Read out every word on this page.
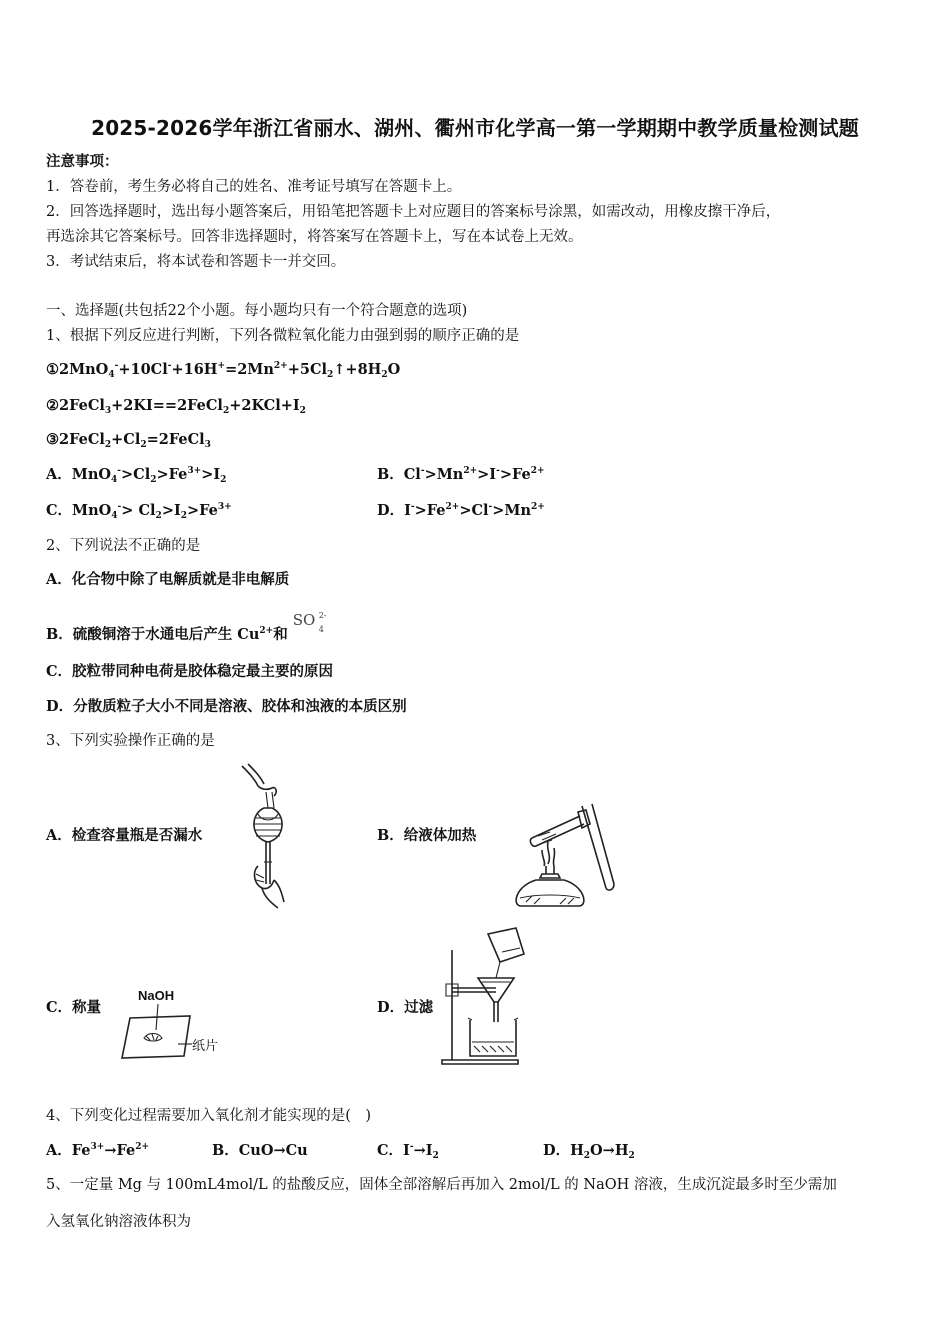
2025-2026学年浙江省丽水、湖州、衢州市化学高一第一学期期中教学质量检测试题
注意事项：
1．答卷前，考生务必将自己的姓名、准考证号填写在答题卡上。
2．回答选择题时，选出每小题答案后，用铅笔把答题卡上对应题目的答案标号涂黑，如需改动，用橡皮擦干净后，
再选涂其它答案标号。回答非选择题时，将答案写在答题卡上，写在本试卷上无效。
3．考试结束后，将本试卷和答题卡一并交回。
一、选择题(共包括22个小题。每小题均只有一个符合题意的选项)
1、根据下列反应进行判断，下列各微粒氧化能力由强到弱的顺序正确的是
$①2MnO_4^-+10Cl^-+16H^+=2Mn^{2+}+5Cl_2↑+8H_2O$
$②2FeCl_3+2KI==2FeCl_2+2KCl+I_2$
$③2FeCl_2+Cl_2=2FeCl_3$
A．$MnO_4^->Cl_2>Fe^{3+}>I_2$	B．$Cl^->Mn^{2+}>I^->Fe^{2+}$
C．$MnO_4^-> Cl_2>I_2>Fe^{3+}$	D．$I^->Fe^{2+}>Cl^->Mn^{2+}$
2、下列说法不正确的是
A．化合物中除了电解质就是非电解质
B．硫酸铜溶于水通电后产生 $Cu^{2+}$和
SO 2-
4
C．胶粒带同种电荷是胶体稳定最主要的原因
D．分散质粒子大小不同是溶液、胶体和浊液的本质区别
3、下列实验操作正确的是
A．检查容量瓶是否漏水	B．给液体加热
C．称量	D．过滤
NaOH
纸片
4、下列变化过程需要加入氧化剂才能实现的是(　)
A．$Fe^{3+}\to Fe^{2+}$	B．CuO→Cu	C．$I^-\to I_2$	D．$H_2O\to H_2$
5、一定量 Mg 与 100mL4mol/L 的盐酸反应，固体全部溶解后再加入 2mol/L 的 NaOH 溶液，生成沉淀最多时至少需加
入氢氧化钠溶液体积为
